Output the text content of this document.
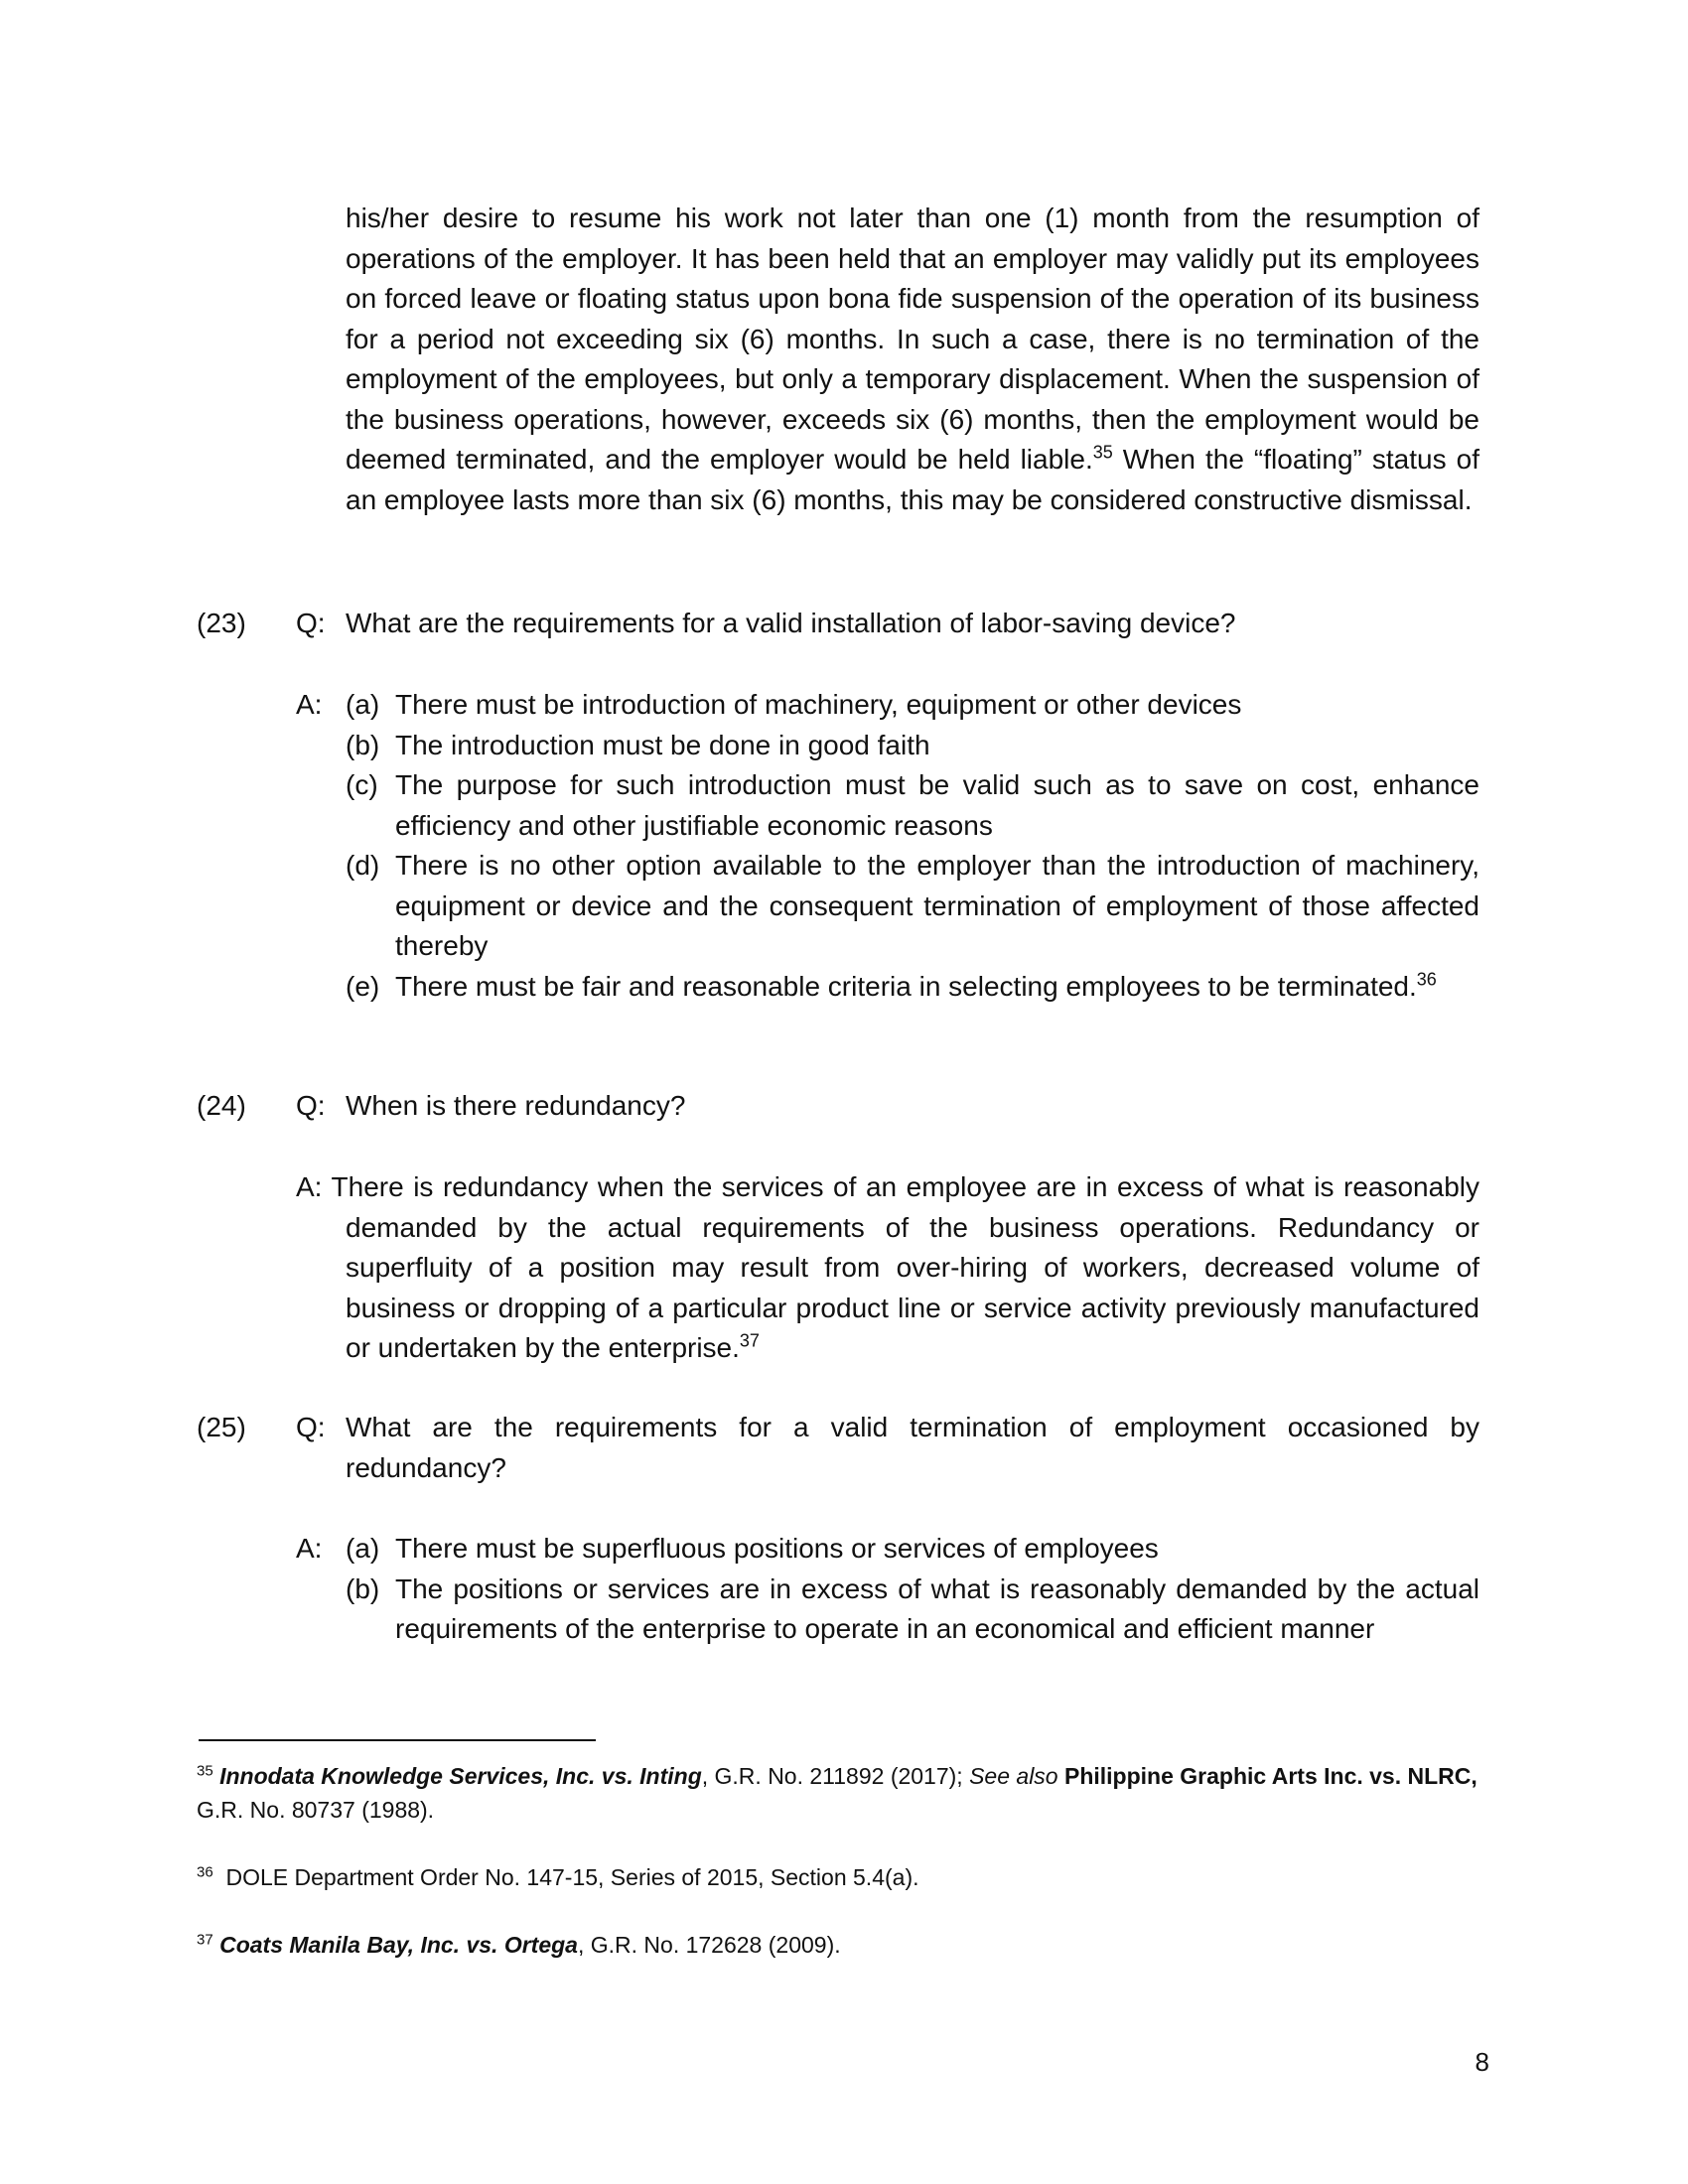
his/her desire to resume his work not later than one (1) month from the resumption of operations of the employer. It has been held that an employer may validly put its employees on forced leave or floating status upon bona fide suspension of the operation of its business for a period not exceeding six (6) months. In such a case, there is no termination of the employment of the employees, but only a temporary displacement. When the suspension of the business operations, however, exceeds six (6) months, then the employment would be deemed terminated, and the employer would be held liable.$^{35}$ When the “floating” status of an employee lasts more than six (6) months, this may be considered constructive dismissal.

(23) Q: What are the requirements for a valid installation of labor-saving device?
A: (a) There must be introduction of machinery, equipment or other devices
(b) The introduction must be done in good faith
(c) The purpose for such introduction must be valid such as to save on cost, enhance efficiency and other justifiable economic reasons
(d) There is no other option available to the employer than the introduction of machinery, equipment or device and the consequent termination of employment of those affected thereby
(e) There must be fair and reasonable criteria in selecting employees to be terminated.$^{36}$
(24) Q: When is there redundancy?
A: There is redundancy when the services of an employee are in excess of what is reasonably demanded by the actual requirements of the business operations. Redundancy or superfluity of a position may result from over-hiring of workers, decreased volume of business or dropping of a particular product line or service activity previously manufactured or undertaken by the enterprise.$^{37}$
(25) Q: What are the requirements for a valid termination of employment occasioned by redundancy?
A: (a) There must be superfluous positions or services of employees
(b) The positions or services are in excess of what is reasonably demanded by the actual requirements of the enterprise to operate in an economical and efficient manner
$^{35}$ Innodata Knowledge Services, Inc. vs. Inting, G.R. No. 211892 (2017); See also Philippine Graphic Arts Inc. vs. NLRC, G.R. No. 80737 (1988).
$^{36}$ DOLE Department Order No. 147-15, Series of 2015, Section 5.4(a).
$^{37}$ Coats Manila Bay, Inc. vs. Ortega, G.R. No. 172628 (2009).
8
